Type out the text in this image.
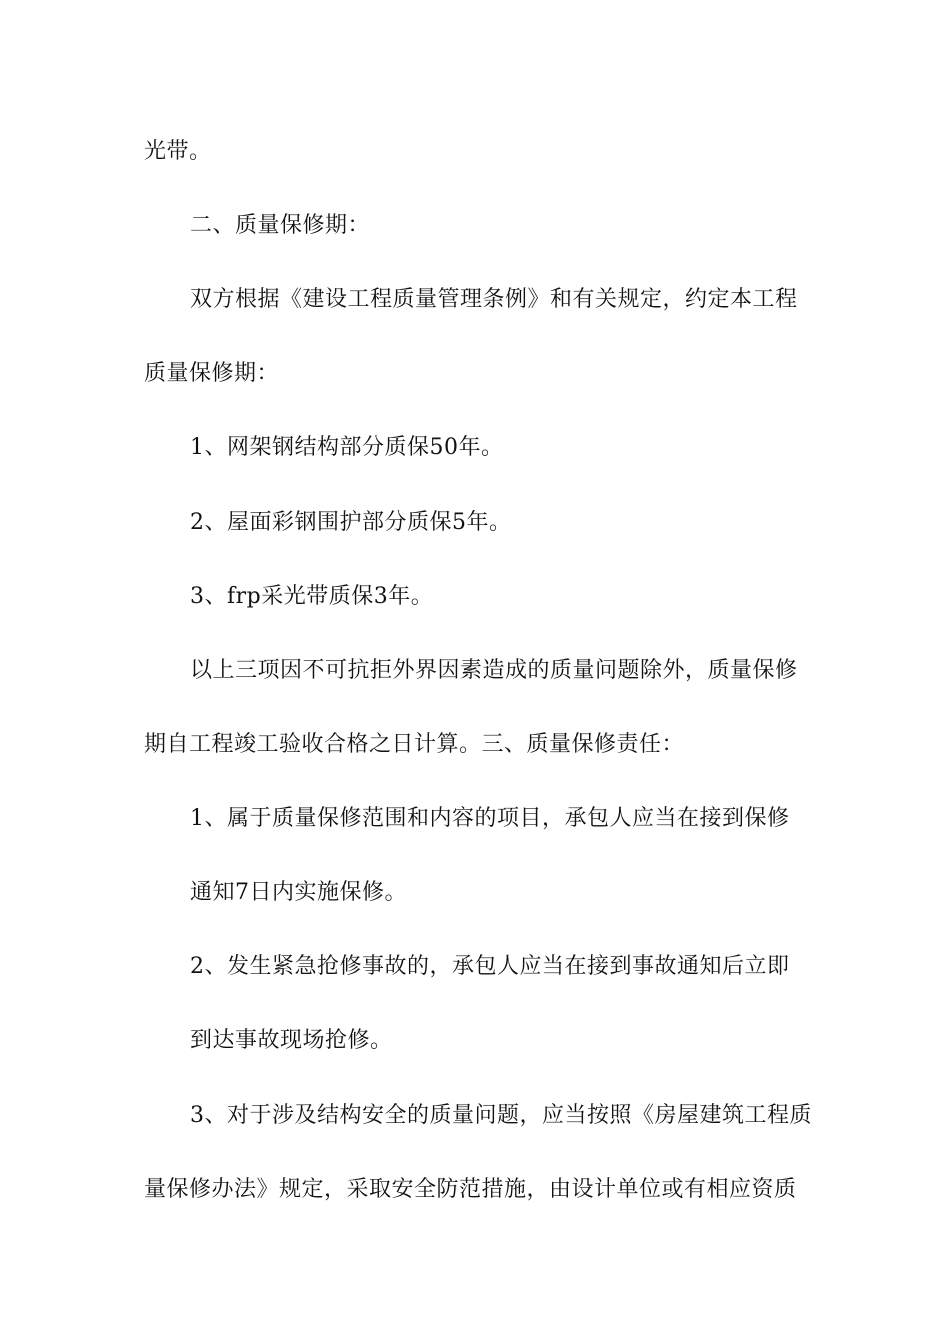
光带。
二、质量保修期：
双方根据《建设工程质量管理条例》和有关规定，约定本工程
质量保修期：
1、网架钢结构部分质保50年。
2、屋面彩钢围护部分质保5年。
3、frp采光带质保3年。
以上三项因不可抗拒外界因素造成的质量问题除外，质量保修
期自工程竣工验收合格之日计算。三、质量保修责任：
1、属于质量保修范围和内容的项目，承包人应当在接到保修
通知7日内实施保修。
2、发生紧急抢修事故的，承包人应当在接到事故通知后立即
到达事故现场抢修。
3、对于涉及结构安全的质量问题，应当按照《房屋建筑工程质
量保修办法》规定，采取安全防范措施，由设计单位或有相应资质
